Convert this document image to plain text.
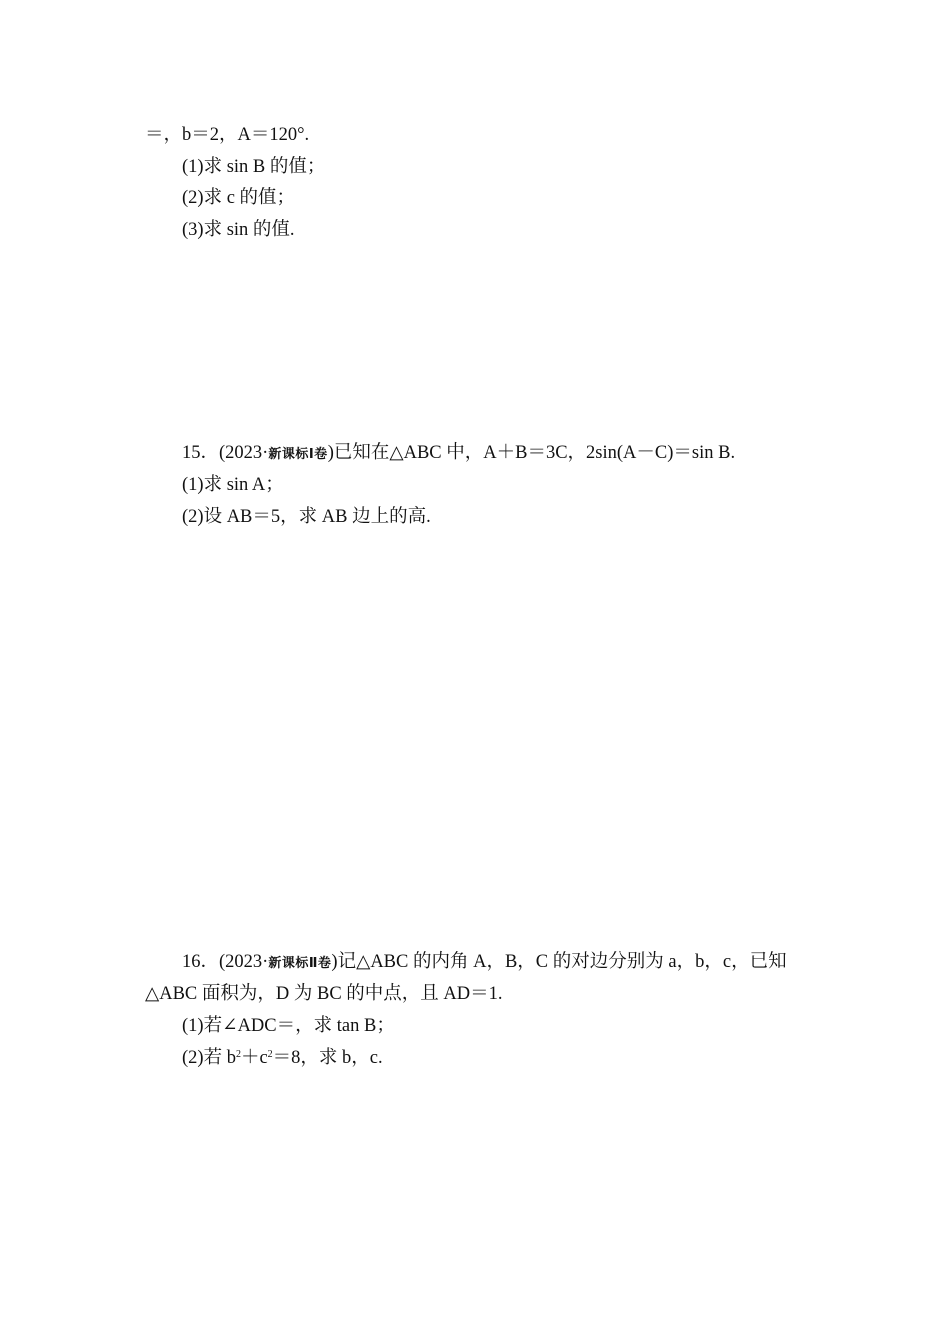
＝，b＝2，A＝120°.
(1)求 sin B 的值；
(2)求 c 的值；
(3)求 sin 的值.
15．(2023·新课标Ⅰ卷)已知在△ABC 中，A＋B＝3C，2sin(A－C)＝sin B.
(1)求 sin A；
(2)设 AB＝5，求 AB 边上的高.
16．(2023·新课标Ⅱ卷)记△ABC 的内角 A，B，C 的对边分别为 a，b，c，已知
△ABC 面积为，D 为 BC 的中点，且 AD＝1.
(1)若∠ADC＝，求 tan B；
(2)若 $b^2+c^2=8$，求 b，c.
